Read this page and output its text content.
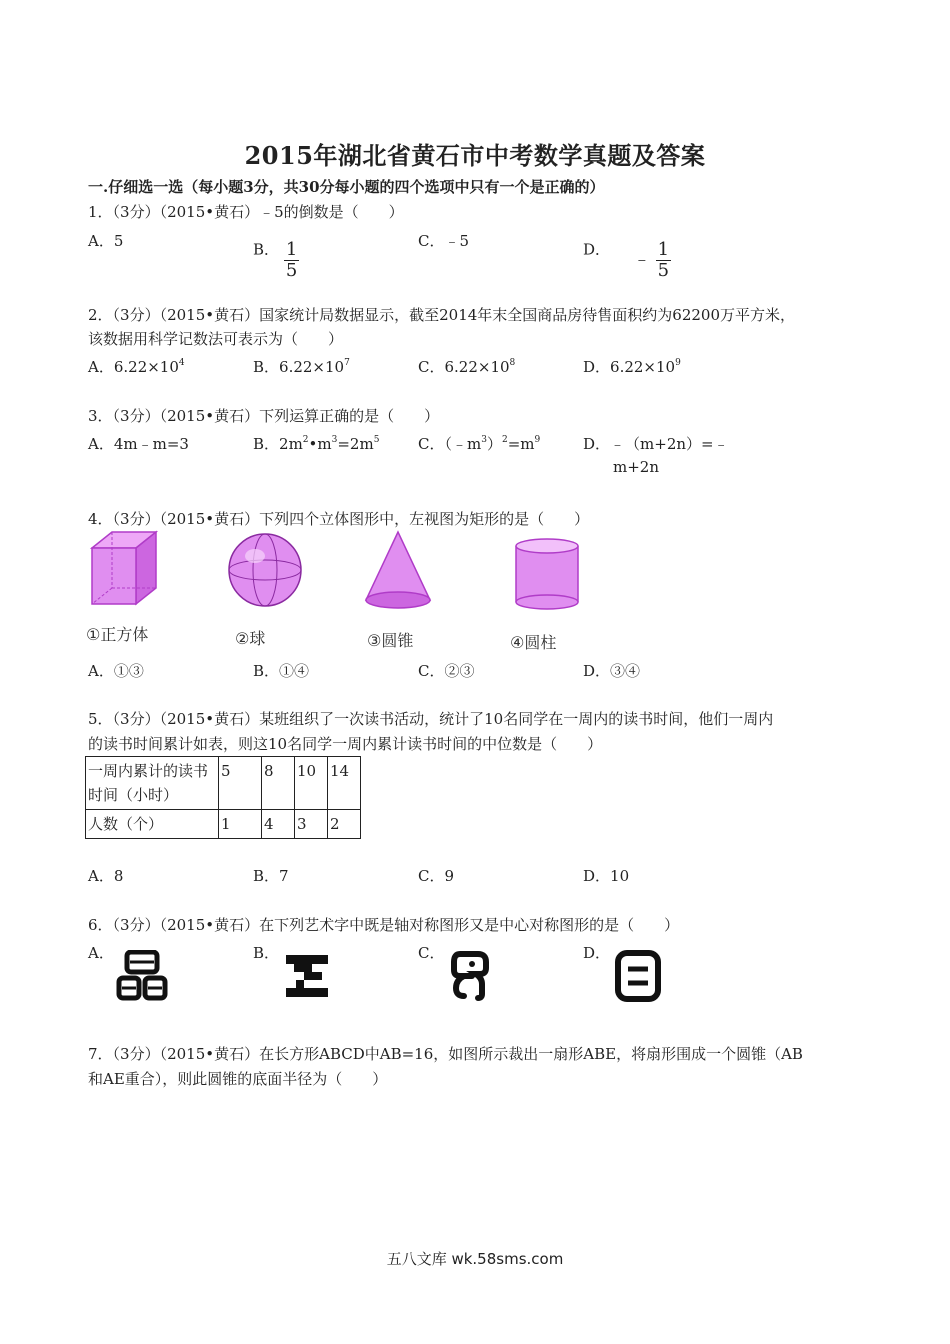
2015年湖北省黄石市中考数学真题及答案
一.仔细选一选（每小题3分，共30分每小题的四个选项中只有一个是正确的）
1．（3分）（2015•黄石）﹣5的倒数是（　　）
A．5	B． $\frac{1}{5}$	C．﹣5	D． ﹣ $\frac{1}{5}$
2．（3分）（2015•黄石）国家统计局数据显示，截至2014年末全国商品房待售面积约为62200万平方米，
该数据用科学记数法可表示为（　　）
A．$6.22\times 10^4$	B．$6.22\times 10^7$	C．$6.22\times 10^8$	D．$6.22\times 10^9$
3．（3分）（2015•黄石）下列运算正确的是（　　）
A．4m﹣m=3	B．$2m^2•m^3=2m^5$	C．$(﹣m^3)^2=m^9$	D．﹣（m+2n）=﹣
m+2n
4．（3分）（2015•黄石）下列四个立体图形中，左视图为矩形的是（　　）
①正方体	②球	③圆锥	④圆柱
A．①③	B．①④	C．②③	D．③④
5．（3分）（2015•黄石）某班组织了一次读书活动，统计了10名同学在一周内的读书时间，他们一周内
的读书时间累计如表，则这10名同学一周内累计读书时间的中位数是（　　）
一周内累计的读书时间（小时）	5	8	10	14
人数（个）	1	4	3	2
A．8	B．7	C．9	D．10
6．（3分）（2015•黄石）在下列艺术字中既是轴对称图形又是中心对称图形的是（　　）
A．	B．	C．	D．
7．（3分）（2015•黄石）在长方形ABCD中AB=16，如图所示裁出一扇形ABE，将扇形围成一个圆锥（AB
和AE重合），则此圆锥的底面半径为（　　）
五八文库 wk.58sms.com
